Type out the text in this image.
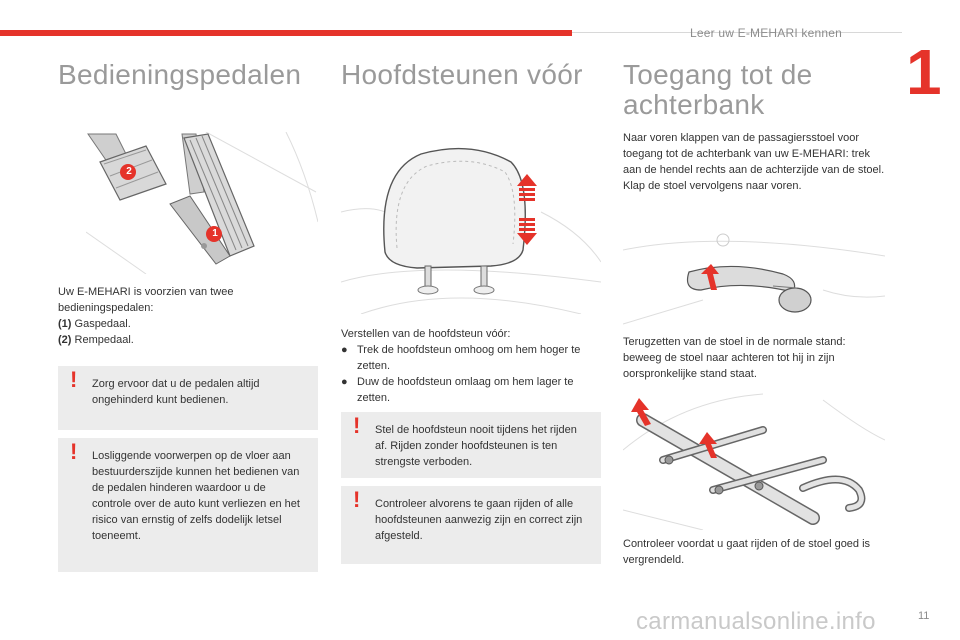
Leer uw E-MEHARI kennen
1
Bedieningspedalen
2
1
Uw E-MEHARI is voorzien van twee bedieningspedalen:
(1) Gaspedaal.
(2) Rempedaal.
! Zorg ervoor dat u de pedalen altijd ongehinderd kunt bedienen.
! Losliggende voorwerpen op de vloer aan bestuurderszijde kunnen het bedienen van de pedalen hinderen waardoor u de controle over de auto kunt verliezen en het risico van ernstig of zelfs dodelijk letsel toeneemt.
Hoofdsteunen vóór
Verstellen van de hoofdsteun vóór:
● Trek de hoofdsteun omhoog om hem hoger te zetten.
● Duw de hoofdsteun omlaag om hem lager te zetten.
! Stel de hoofdsteun nooit tijdens het rijden af. Rijden zonder hoofdsteunen is ten strengste verboden.
! Controleer alvorens te gaan rijden of alle hoofdsteunen aanwezig zijn en correct zijn afgesteld.
Toegang tot de
achterbank
Naar voren klappen van de passagiersstoel voor toegang tot de achterbank van uw E-MEHARI: trek aan de hendel rechts aan de achterzijde van de stoel.
Klap de stoel vervolgens naar voren.
Terugzetten van de stoel in de normale stand: beweeg de stoel naar achteren tot hij in zijn oorspronkelijke stand staat.
Controleer voordat u gaat rijden of de stoel goed is vergrendeld.
carmanualsonline.info	11
